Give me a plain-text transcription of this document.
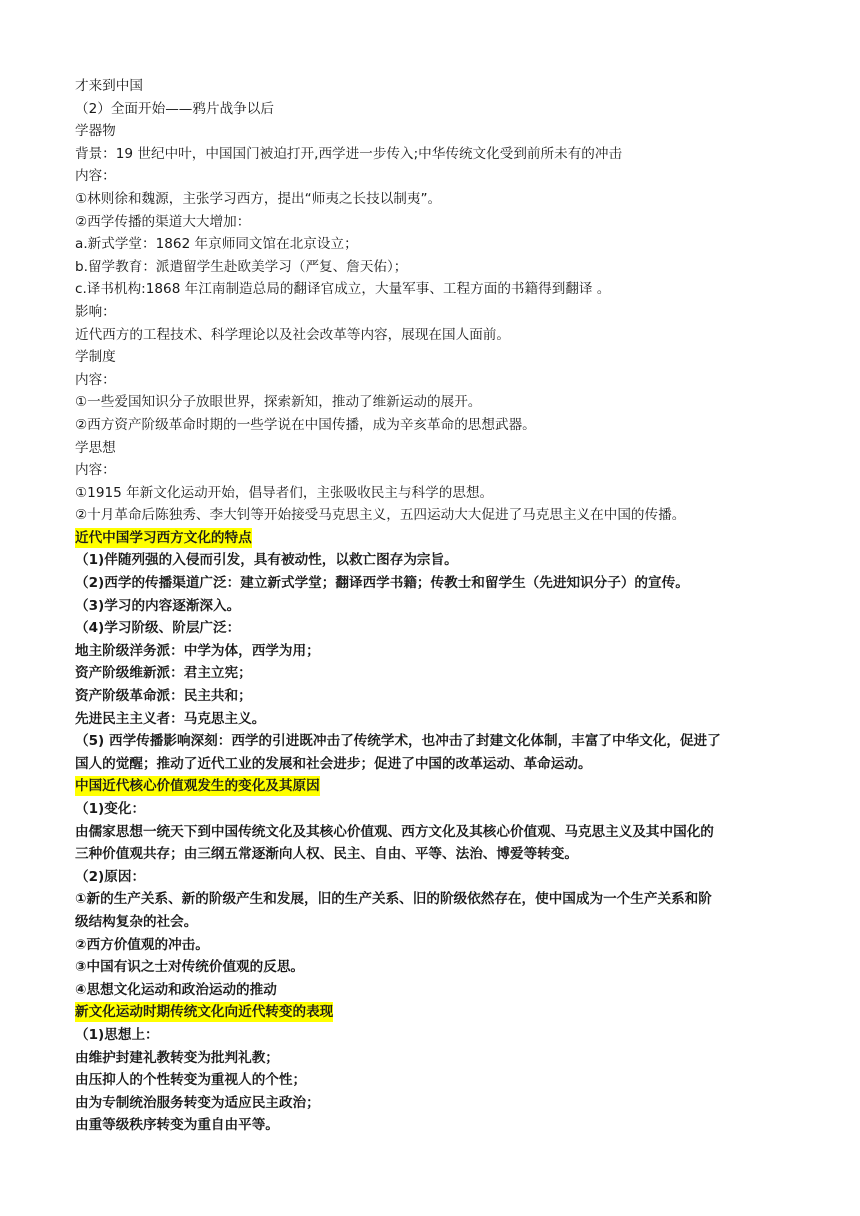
才来到中国
（2）全面开始——鸦片战争以后
学器物
背景：19 世纪中叶，中国国门被迫打开,西学进一步传入;中华传统文化受到前所未有的冲击
内容：
①林则徐和魏源，主张学习西方，提出“师夷之长技以制夷”。
②西学传播的渠道大大增加：
a.新式学堂：1862 年京师同文馆在北京设立；
b.留学教育：派遣留学生赴欧美学习（严复、詹天佑）；
c.译书机构:1868 年江南制造总局的翻译官成立，大量军事、工程方面的书籍得到翻译 。
影响：
近代西方的工程技术、科学理论以及社会改革等内容，展现在国人面前。
学制度
内容：
①一些爱国知识分子放眼世界，探索新知，推动了维新运动的展开。
②西方资产阶级革命时期的一些学说在中国传播，成为辛亥革命的思想武器。
学思想
内容：
①1915 年新文化运动开始，倡导者们，主张吸收民主与科学的思想。
②十月革命后陈独秀、李大钊等开始接受马克思主义，五四运动大大促进了马克思主义在中国的传播。
近代中国学习西方文化的特点
（1)伴随列强的入侵而引发，具有被动性，以救亡图存为宗旨。
（2)西学的传播渠道广泛：建立新式学堂；翻译西学书籍；传教士和留学生（先进知识分子）的宣传。
（3)学习的内容逐渐深入。
（4)学习阶级、阶层广泛：
地主阶级洋务派：中学为体，西学为用；
资产阶级维新派：君主立宪；
资产阶级革命派：民主共和；
先进民主主义者：马克思主义。
（5) 西学传播影响深刻：西学的引进既冲击了传统学术，也冲击了封建文化体制，丰富了中华文化，促进了
国人的觉醒；推动了近代工业的发展和社会进步；促进了中国的改革运动、革命运动。
中国近代核心价值观发生的变化及其原因
（1)变化：
由儒家思想一统天下到中国传统文化及其核心价值观、西方文化及其核心价值观、马克思主义及其中国化的
三种价值观共存；由三纲五常逐渐向人权、民主、自由、平等、法治、博爱等转变。
（2)原因：
①新的生产关系、新的阶级产生和发展，旧的生产关系、旧的阶级依然存在，使中国成为一个生产关系和阶
级结构复杂的社会。
②西方价值观的冲击。
③中国有识之士对传统价值观的反思。
④思想文化运动和政治运动的推动
新文化运动时期传统文化向近代转变的表现
（1)思想上：
由维护封建礼教转变为批判礼教；
由压抑人的个性转变为重视人的个性；
由为专制统治服务转变为适应民主政治；
由重等级秩序转变为重自由平等。
